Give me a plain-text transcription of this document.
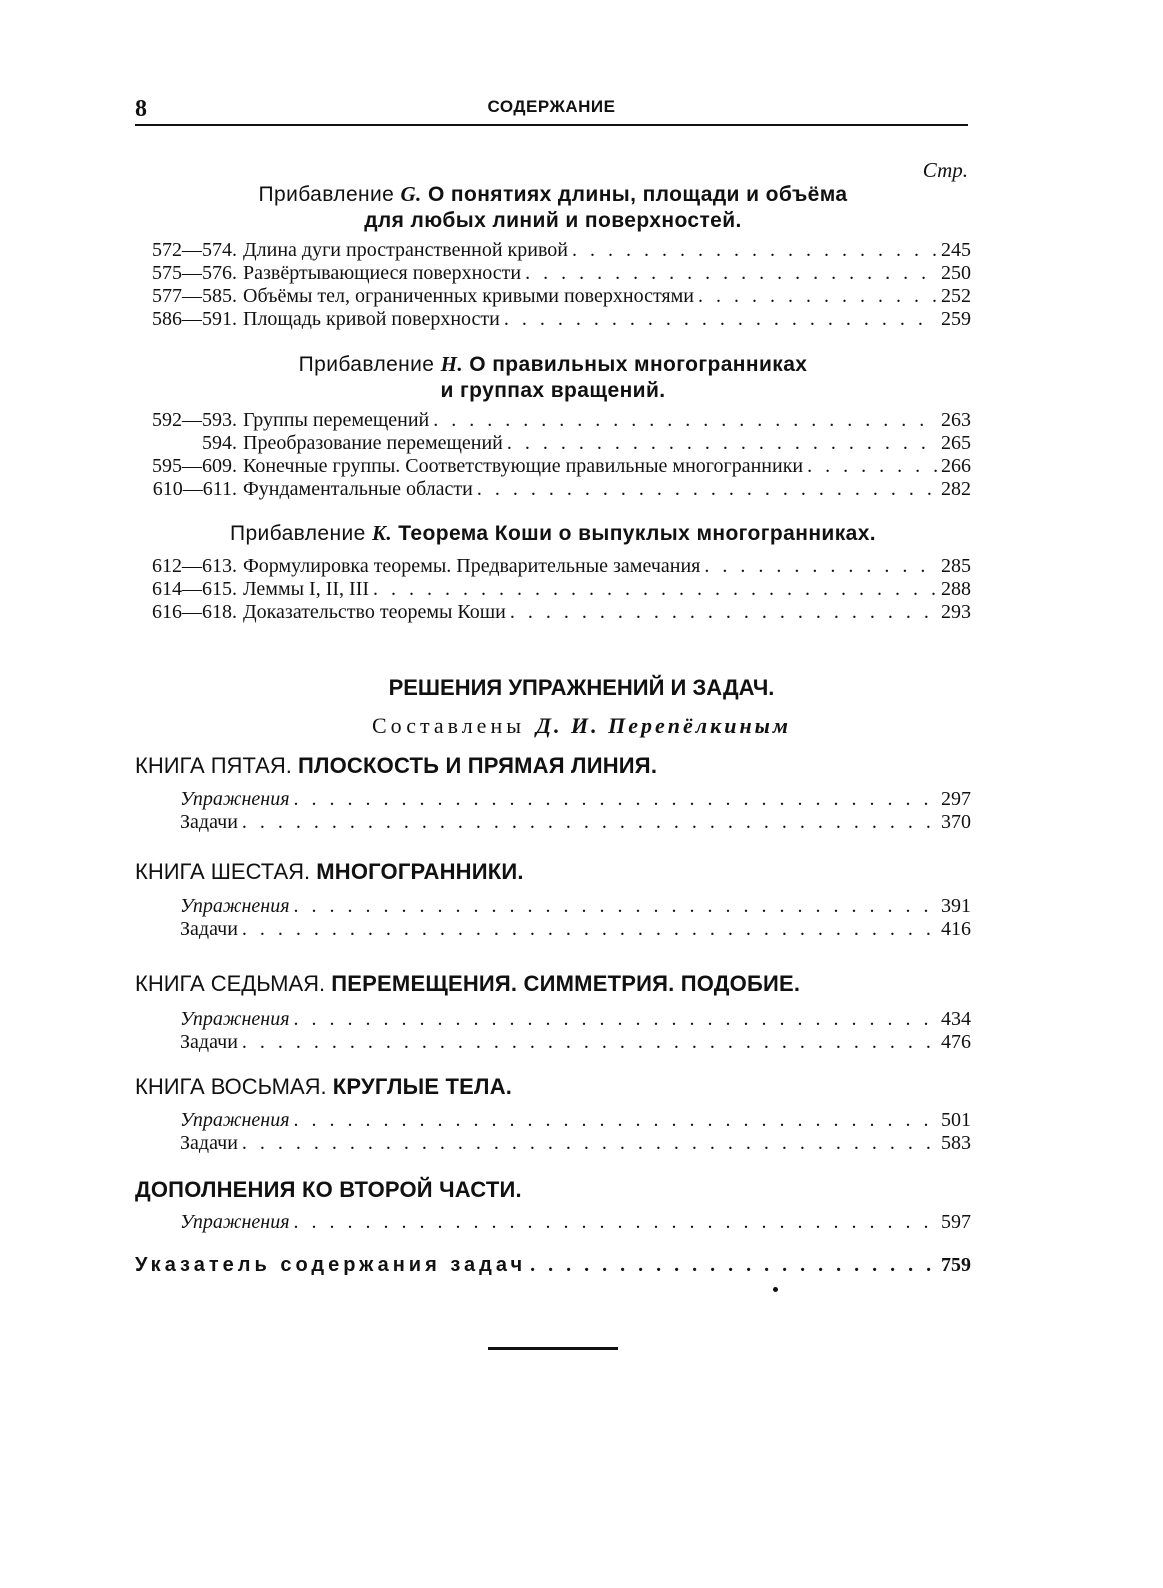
8	СОДЕРЖАНИЕ
Стр.
Прибавление G. О понятиях длины, площади и объёма
для любых линий и поверхностей.
572—574. Длина дуги пространственной кривой . . .	245
575—576. Развёртывающиеся поверхности . . .	250
577—585. Объёмы тел, ограниченных кривыми поверхностями . . .	252
586—591. Площадь кривой поверхности . . .	259
Прибавление H. О правильных многогранниках
и группах вращений.
592—593. Группы перемещений . . .	263
594. Преобразование перемещений . . .	265
595—609. Конечные группы. Соответствующие правильные многогранники . . .	266
610—611. Фундаментальные области . . .	282
Прибавление K. Теорема Коши о выпуклых многогранниках.
612—613. Формулировка теоремы. Предварительные замечания . . .	285
614—615. Леммы I, II, III . . .	288
616—618. Доказательство теоремы Коши . . .	293
РЕШЕНИЯ УПРАЖНЕНИЙ И ЗАДАЧ.
Составлены Д. И. Перепёлкиным
КНИГА ПЯТАЯ. ПЛОСКОСТЬ И ПРЯМАЯ ЛИНИЯ.
Упражнения . . .	297
Задачи . . .	370
КНИГА ШЕСТАЯ. МНОГОГРАННИКИ.
Упражнения . . .	391
Задачи . . .	416
КНИГА СЕДЬМАЯ. ПЕРЕМЕЩЕНИЯ. СИММЕТРИЯ. ПОДОБИЕ.
Упражнения . . .	434
Задачи . . .	476
КНИГА ВОСЬМАЯ. КРУГЛЫЕ ТЕЛА.
Упражнения . . .	501
Задачи . . .	583
ДОПОЛНЕНИЯ КО ВТОРОЙ ЧАСТИ.
Упражнения . . .	597
Указатель содержания задач . . .	759
